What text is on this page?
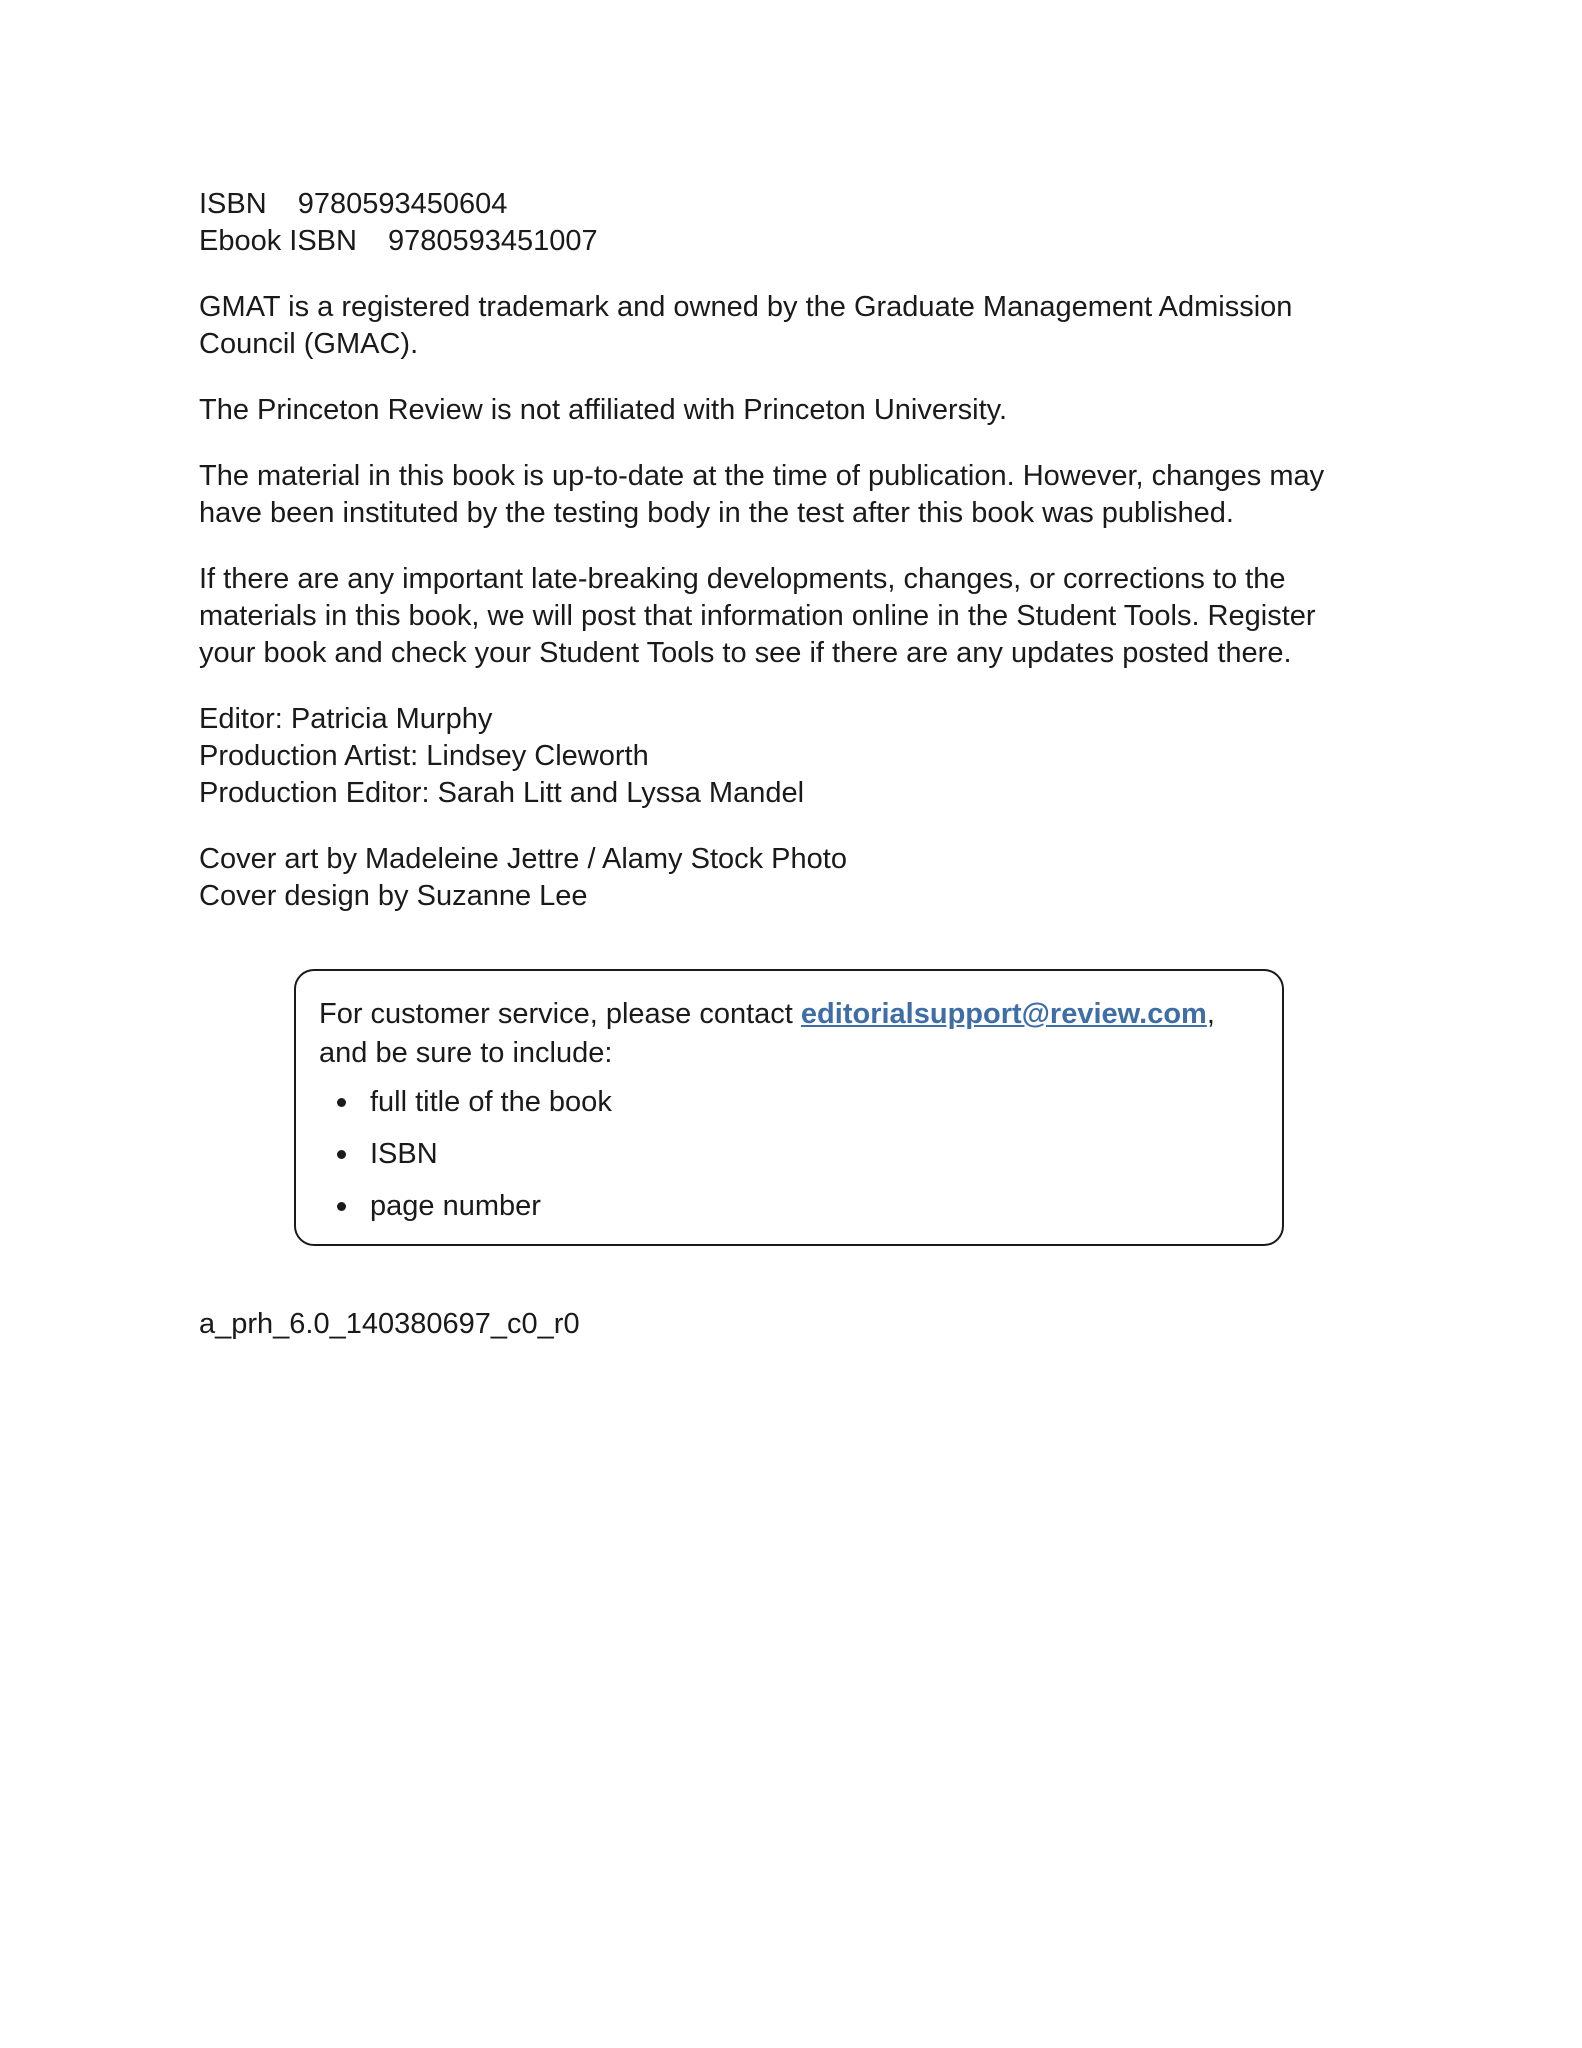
ISBN 9780593450604
Ebook ISBN 9780593451007

GMAT is a registered trademark and owned by the Graduate Management Admission Council (GMAC).

The Princeton Review is not affiliated with Princeton University.

The material in this book is up-to-date at the time of publication. However, changes may have been instituted by the testing body in the test after this book was published.

If there are any important late-breaking developments, changes, or corrections to the materials in this book, we will post that information online in the Student Tools. Register your book and check your Student Tools to see if there are any updates posted there.

Editor: Patricia Murphy
Production Artist: Lindsey Cleworth
Production Editor: Sarah Litt and Lyssa Mandel
Cover art by Madeleine Jettre / Alamy Stock Photo
Cover design by Suzanne Lee

For customer service, please contact editorialsupport@review.com, and be sure to include:

full title of the book
ISBN
page number
a_prh_6.0_140380697_c0_r0
